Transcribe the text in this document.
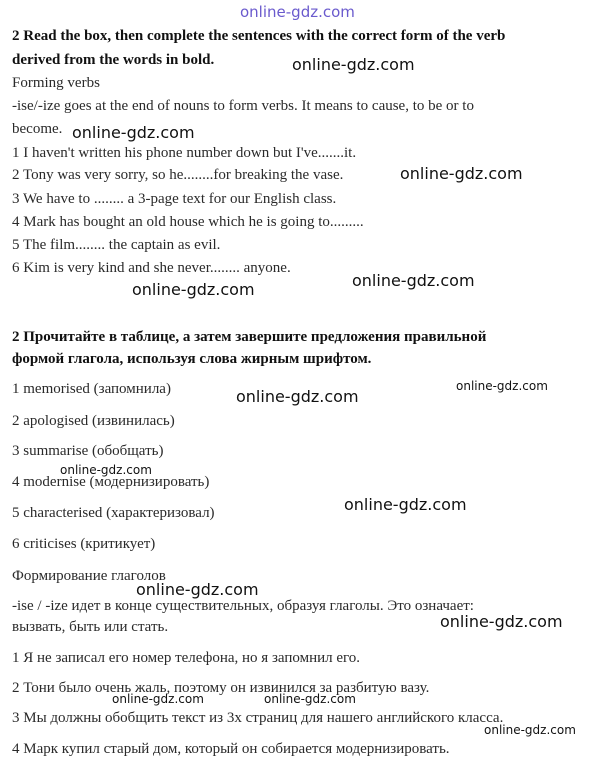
online-gdz.com
2 Read the box, then complete the sentences with the correct form of the verb
derived from the words in bold.
Forming verbs
-ise/-ize goes at the end of nouns to form verbs. It means to cause, to be or to
become.
1 I haven't written his phone number down but I've.......it.
2 Tony was very sorry, so he........for breaking the vase.
3 We have to ........ a 3-page text for our English class.
4 Mark has bought an old house which he is going to.........
5 The film........ the captain as evil.
6 Kim is very kind and she never........ anyone.
2 Прочитайте в таблице, а затем завершите предложения правильной
формой глагола, используя слова жирным шрифтом.
1 memorised (запомнила)
2 apologised (извинилась)
3 summarise (обобщать)
4 modernise (модернизировать)
5 characterised (характеризовал)
6 criticises (критикует)
Формирование глаголов
-ise / -ize идет в конце существительных, образуя глаголы. Это означает:
вызвать, быть или стать.
1 Я не записал его номер телефона, но я запомнил его.
2 Тони было очень жаль, поэтому он извинился за разбитую вазу.
3 Мы должны обобщить текст из 3х страниц для нашего английского класса.
4 Марк купил старый дом, который он собирается модернизировать.
online-gdz.com
online-gdz.com
online-gdz.com
online-gdz.com
online-gdz.com
online-gdz.com
online-gdz.com
online-gdz.com
online-gdz.com
online-gdz.com
online-gdz.com
online-gdz.com	online-gdz.com
online-gdz.com
